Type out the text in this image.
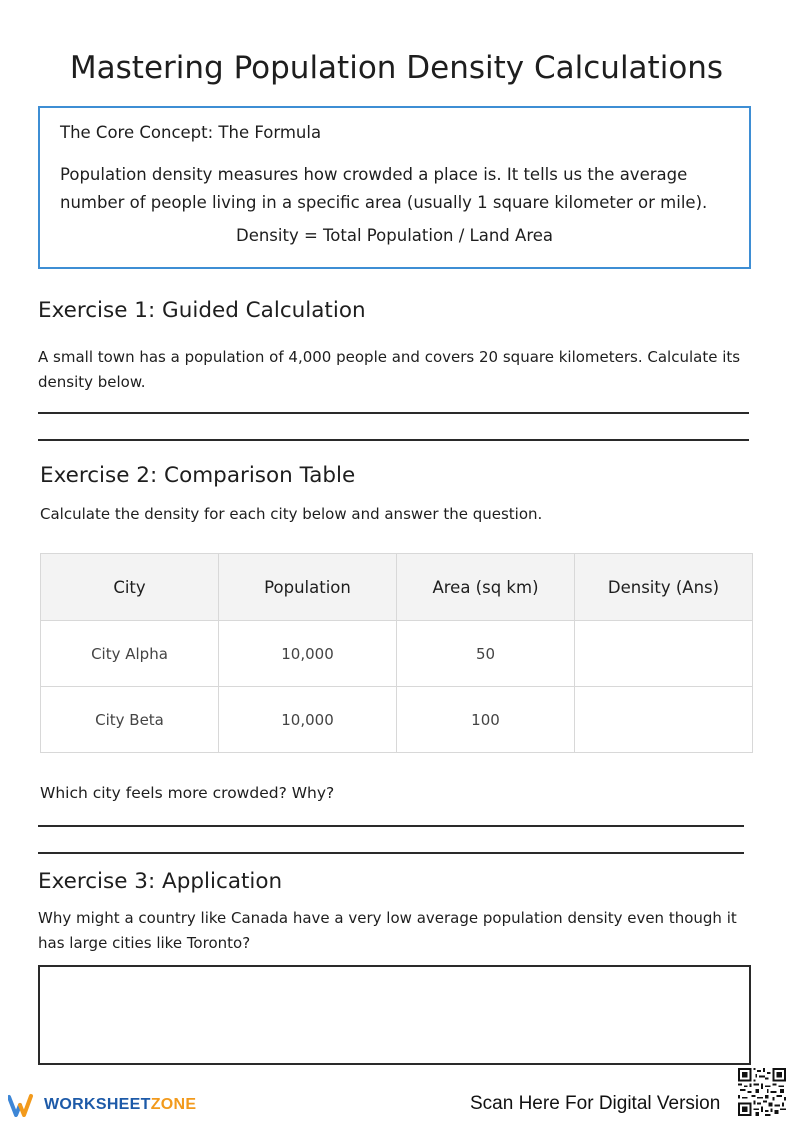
Mastering Population Density Calculations
The Core Concept: The Formula
Population density measures how crowded a place is. It tells us the average number of people living in a specific area (usually 1 square kilometer or mile).
Density = Total Population / Land Area
Exercise 1: Guided Calculation
A small town has a population of 4,000 people and covers 20 square kilometers. Calculate its density below.
Exercise 2: Comparison Table
Calculate the density for each city below and answer the question.
City	Population	Area (sq km)	Density (Ans)
City Alpha	10,000	50	
City Beta	10,000	100	
Which city feels more crowded? Why?
Exercise 3: Application
Why might a country like Canada have a very low average population density even though it has large cities like Toronto?
WORKSHEET ZONE	Scan Here For Digital Version
